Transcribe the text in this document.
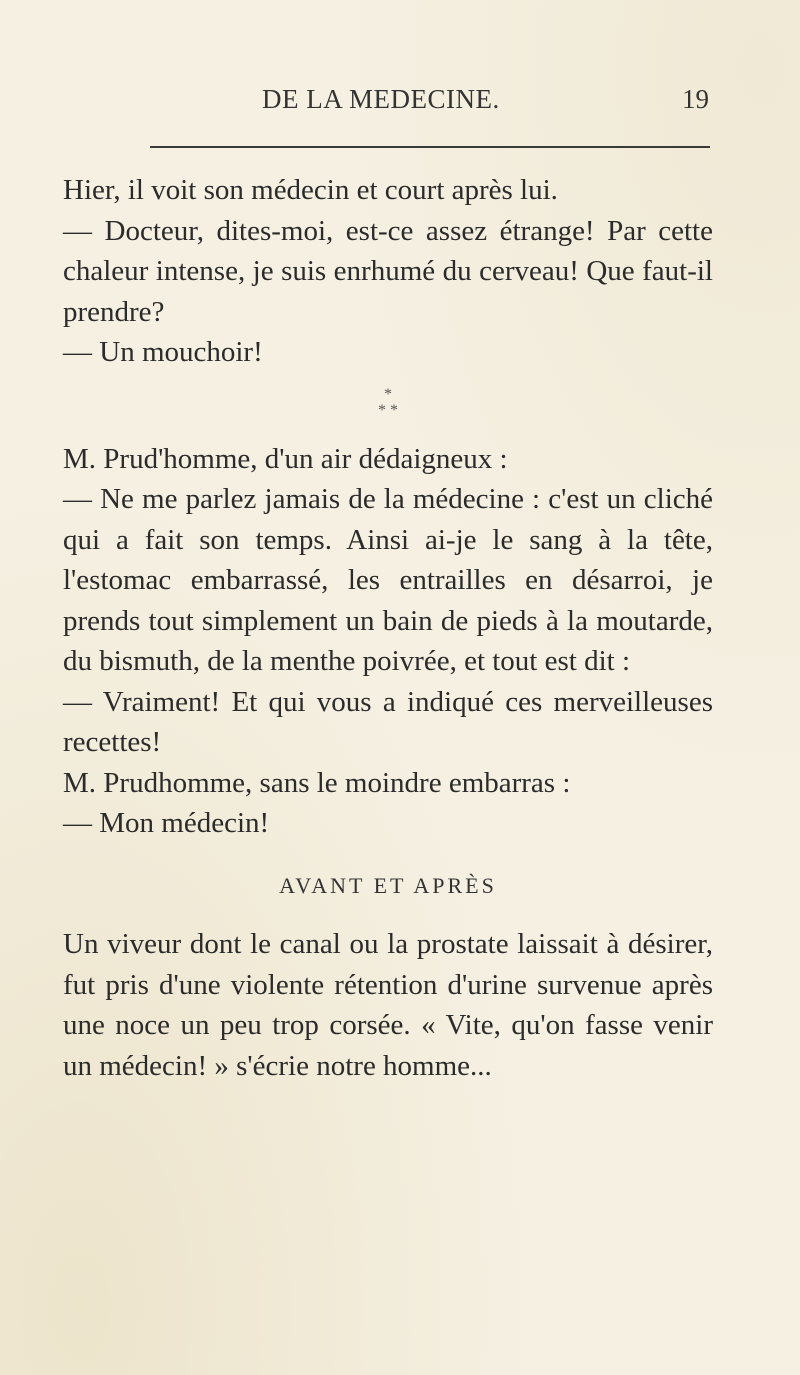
DE LA MEDECINE.	19

Hier, il voit son médecin et court après lui.

— Docteur, dites-moi, est-ce assez étrange! Par cette chaleur intense, je suis enrhumé du cerveau! Que faut-il prendre?

— Un mouchoir!

*
* *

M. Prud'homme, d'un air dédaigneux :

— Ne me parlez jamais de la médecine : c'est un cliché qui a fait son temps. Ainsi ai-je le sang à la tête, l'estomac embarrassé, les entrailles en désarroi, je prends tout simplement un bain de pieds à la moutarde, du bismuth, de la menthe poivrée, et tout est dit :

— Vraiment! Et qui vous a indiqué ces merveilleuses recettes!

M. Prudhomme, sans le moindre embarras :

— Mon médecin!

AVANT ET APRÈS

Un viveur dont le canal ou la prostate laissait à désirer, fut pris d'une violente rétention d'urine survenue après une noce un peu trop corsée. « Vite, qu'on fasse venir un médecin! » s'écrie notre homme...
